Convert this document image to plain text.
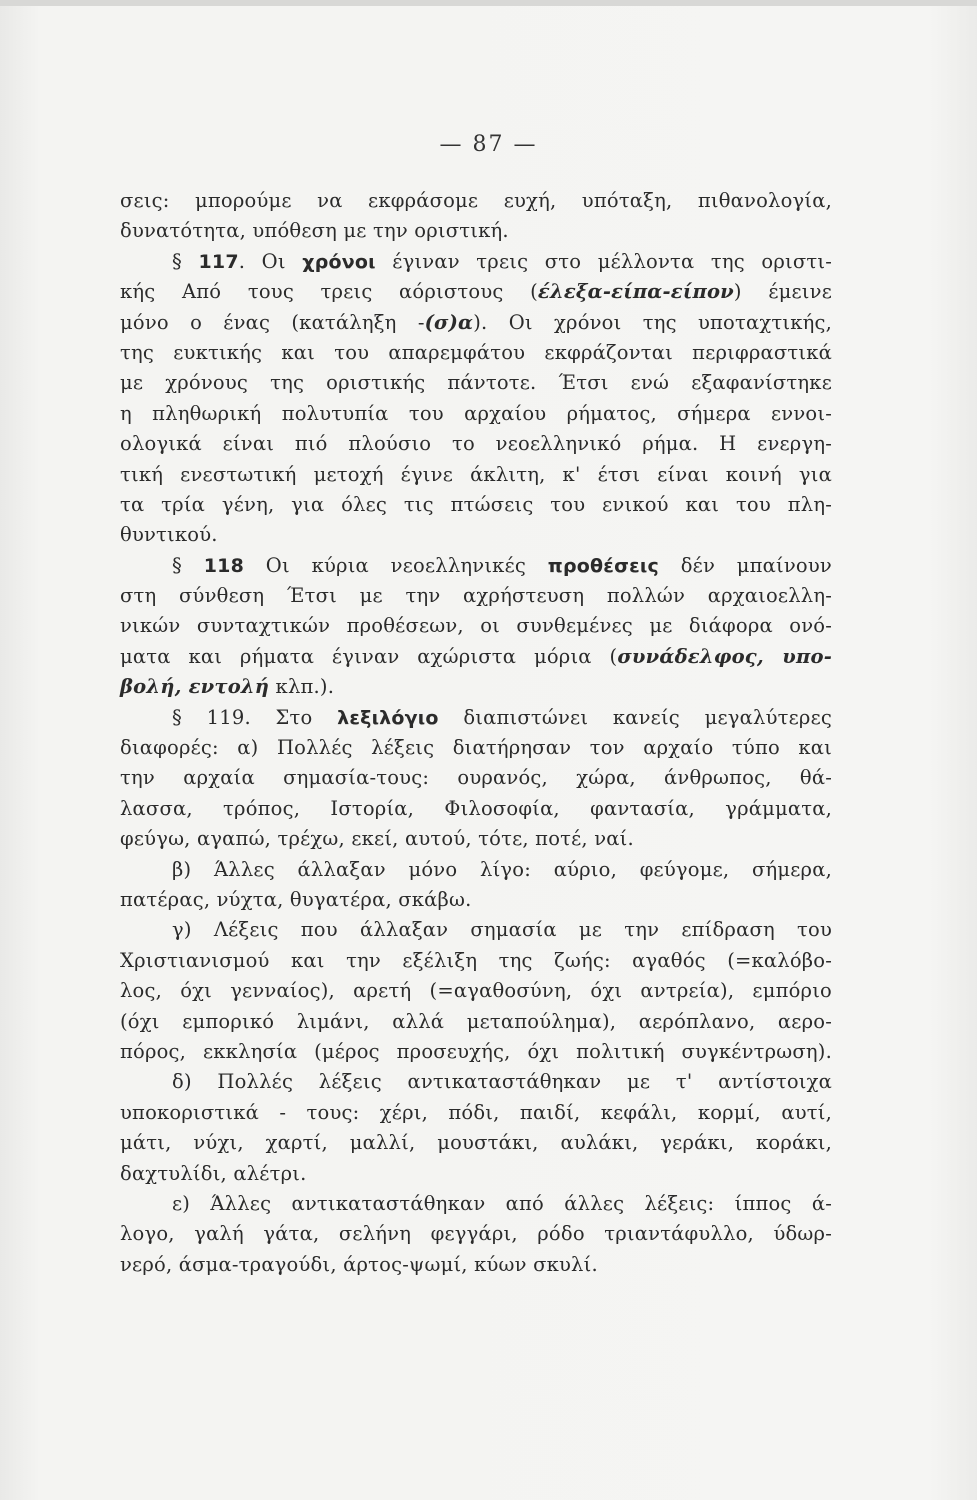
— 87 —
σεις: μπορούμε να εκφράσομε ευχή, υπόταξη, πιθανολογία,
δυνατότητα, υπόθεση με την οριστική.
§ 117. Οι χρόνοι έγιναν τρεις στο μέλλοντα της οριστι-
κής Από τους τρεις αόριστους (έλεξα-είπα-είπον) έμεινε
μόνο ο ένας (κατάληξη -(σ)α). Οι χρόνοι της υποταχτικής,
της ευκτικής και του απαρεμφάτου εκφράζονται περιφραστικά
με χρόνους της οριστικής πάντοτε. Έτσι ενώ εξαφανίστηκε
η πληθωρική πολυτυπία του αρχαίου ρήματος, σήμερα εννοι-
ολογικά είναι πιό πλούσιο το νεοελληνικό ρήμα. Η ενεργη-
τική ενεστωτική μετοχή έγινε άκλιτη, κ' έτσι είναι κοινή για
τα τρία γένη, για όλες τις πτώσεις του ενικού και του πλη-
θυντικού.
§ 118 Οι κύρια νεοελληνικές προθέσεις δέν μπαίνουν
στη σύνθεση Έτσι με την αχρήστευση πολλών αρχαιοελλη-
νικών συνταχτικών προθέσεων, οι συνθεμένες με διάφορα ονό-
ματα και ρήματα έγιναν αχώριστα μόρια (συνάδελφος, υπο-
βολή, εντολή κλπ.).
§ 119. Στο λεξιλόγιο διαπιστώνει κανείς μεγαλύτερες
διαφορές: α) Πολλές λέξεις διατήρησαν τον αρχαίο τύπο και
την αρχαία σημασία-τους: ουρανός, χώρα, άνθρωπος, θά-
λασσα, τρόπος, Ιστορία, Φιλοσοφία, φαντασία, γράμματα,
φεύγω, αγαπώ, τρέχω, εκεί, αυτού, τότε, ποτέ, ναί.
β) Άλλες άλλαξαν μόνο λίγο: αύριο, φεύγομε, σήμερα,
πατέρας, νύχτα, θυγατέρα, σκάβω.
γ) Λέξεις που άλλαξαν σημασία με την επίδραση του
Χριστιανισμού και την εξέλιξη της ζωής: αγαθός (=καλόβο-
λος, όχι γενναίος), αρετή (=αγαθοσύνη, όχι αντρεία), εμπόριο
(όχι εμπορικό λιμάνι, αλλά μεταπούλημα), αερόπλανο, αερο-
πόρος, εκκλησία (μέρος προσευχής, όχι πολιτική συγκέντρωση).
δ) Πολλές λέξεις αντικαταστάθηκαν με τ' αντίστοιχα
υποκοριστικά - τους: χέρι, πόδι, παιδί, κεφάλι, κορμί, αυτί,
μάτι, νύχι, χαρτί, μαλλί, μουστάκι, αυλάκι, γεράκι, κοράκι,
δαχτυλίδι, αλέτρι.
ε) Άλλες αντικαταστάθηκαν από άλλες λέξεις: ίππος ά-
λογο, γαλή γάτα, σελήνη φεγγάρι, ρόδο τριαντάφυλλο, ύδωρ-
νερό, άσμα-τραγούδι, άρτος-ψωμί, κύων σκυλί.
